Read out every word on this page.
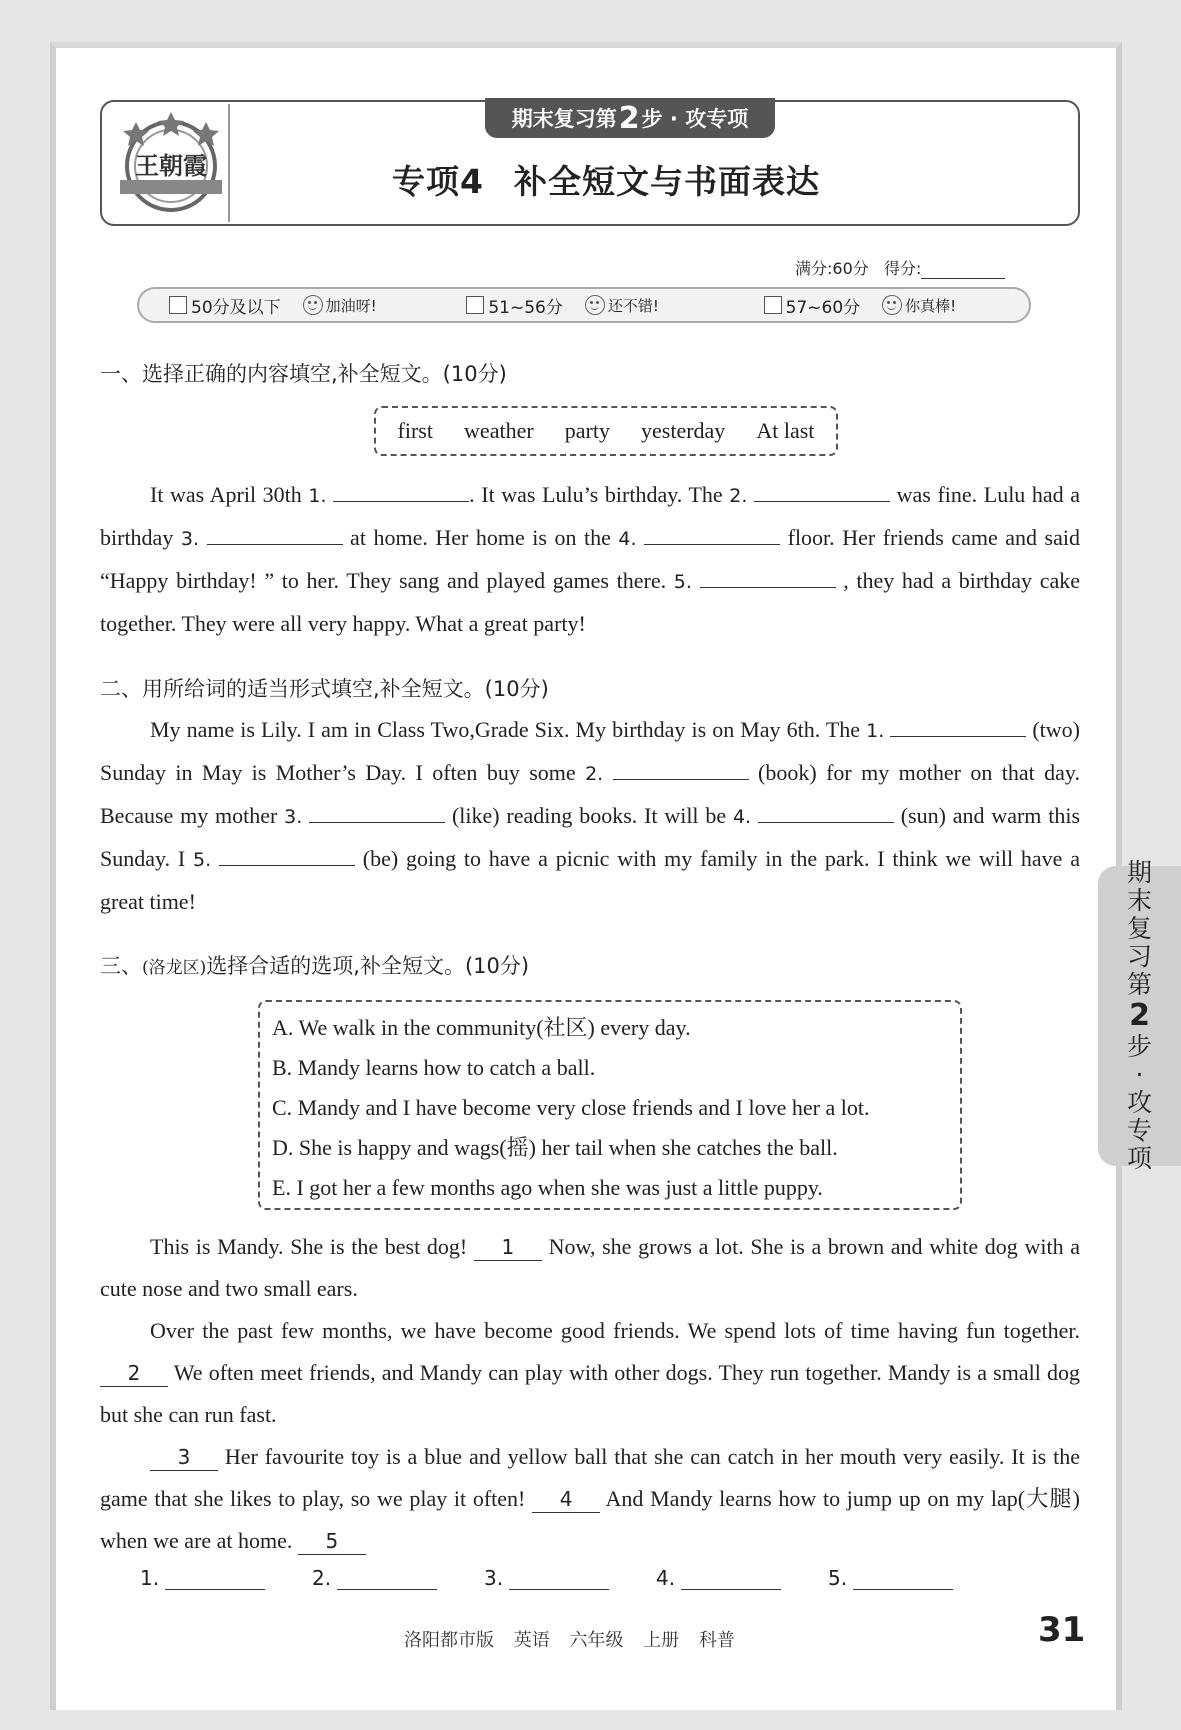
王朝霞
期末复习第 2 步 · 攻专项
专项4 补全短文与书面表达
满分:60分 得分:
50分及以下	加油呀!	51~56分	还不错!	57~60分	你真棒!
一、选择正确的内容填空,补全短文。(10分)
first weather party yesterday At last
It was April 30th 1.	. It was Lulu’s birthday. The 2.	was fine. Lulu had a birthday 3.	at home. Her home is on the 4.	floor. Her friends came and said “Happy birthday! ” to her. They sang and played games there. 5.	, they had a birthday cake together. They were all very happy. What a great party!
二、用所给词的适当形式填空,补全短文。(10分)
My name is Lily. I am in Class Two,Grade Six. My birthday is on May 6th. The 1.	(two) Sunday in May is Mother’s Day. I often buy some 2.	(book) for my mother on that day. Because my mother 3.	(like) reading books. It will be 4.	(sun) and warm this Sunday. I 5.	(be) going to have a picnic with my family in the park. I think we will have a great time!
三、(洛龙区)选择合适的选项,补全短文。(10分)
A. We walk in the community(社区) every day.
B. Mandy learns how to catch a ball.
C. Mandy and I have become very close friends and I love her a lot.
D. She is happy and wags(摇) her tail when she catches the ball.
E. I got her a few months ago when she was just a little puppy.
This is Mandy. She is the best dog! 1 Now, she grows a lot. She is a brown and white dog with a cute nose and two small ears.
Over the past few months, we have become good friends. We spend lots of time having fun together. 2 We often meet friends, and Mandy can play with other dogs. They run together. Mandy is a small dog but she can run fast.
3 Her favourite toy is a blue and yellow ball that she can catch in her mouth very easily. It is the game that she likes to play, so we play it often! 4 And Mandy learns how to jump up on my lap(大腿) when we are at home. 5
1.	2.	3.	4.	5.
洛阳都市版 英语 六年级 上册 科普	31
期
末
复
习
第
2
步
·
攻
专
项
